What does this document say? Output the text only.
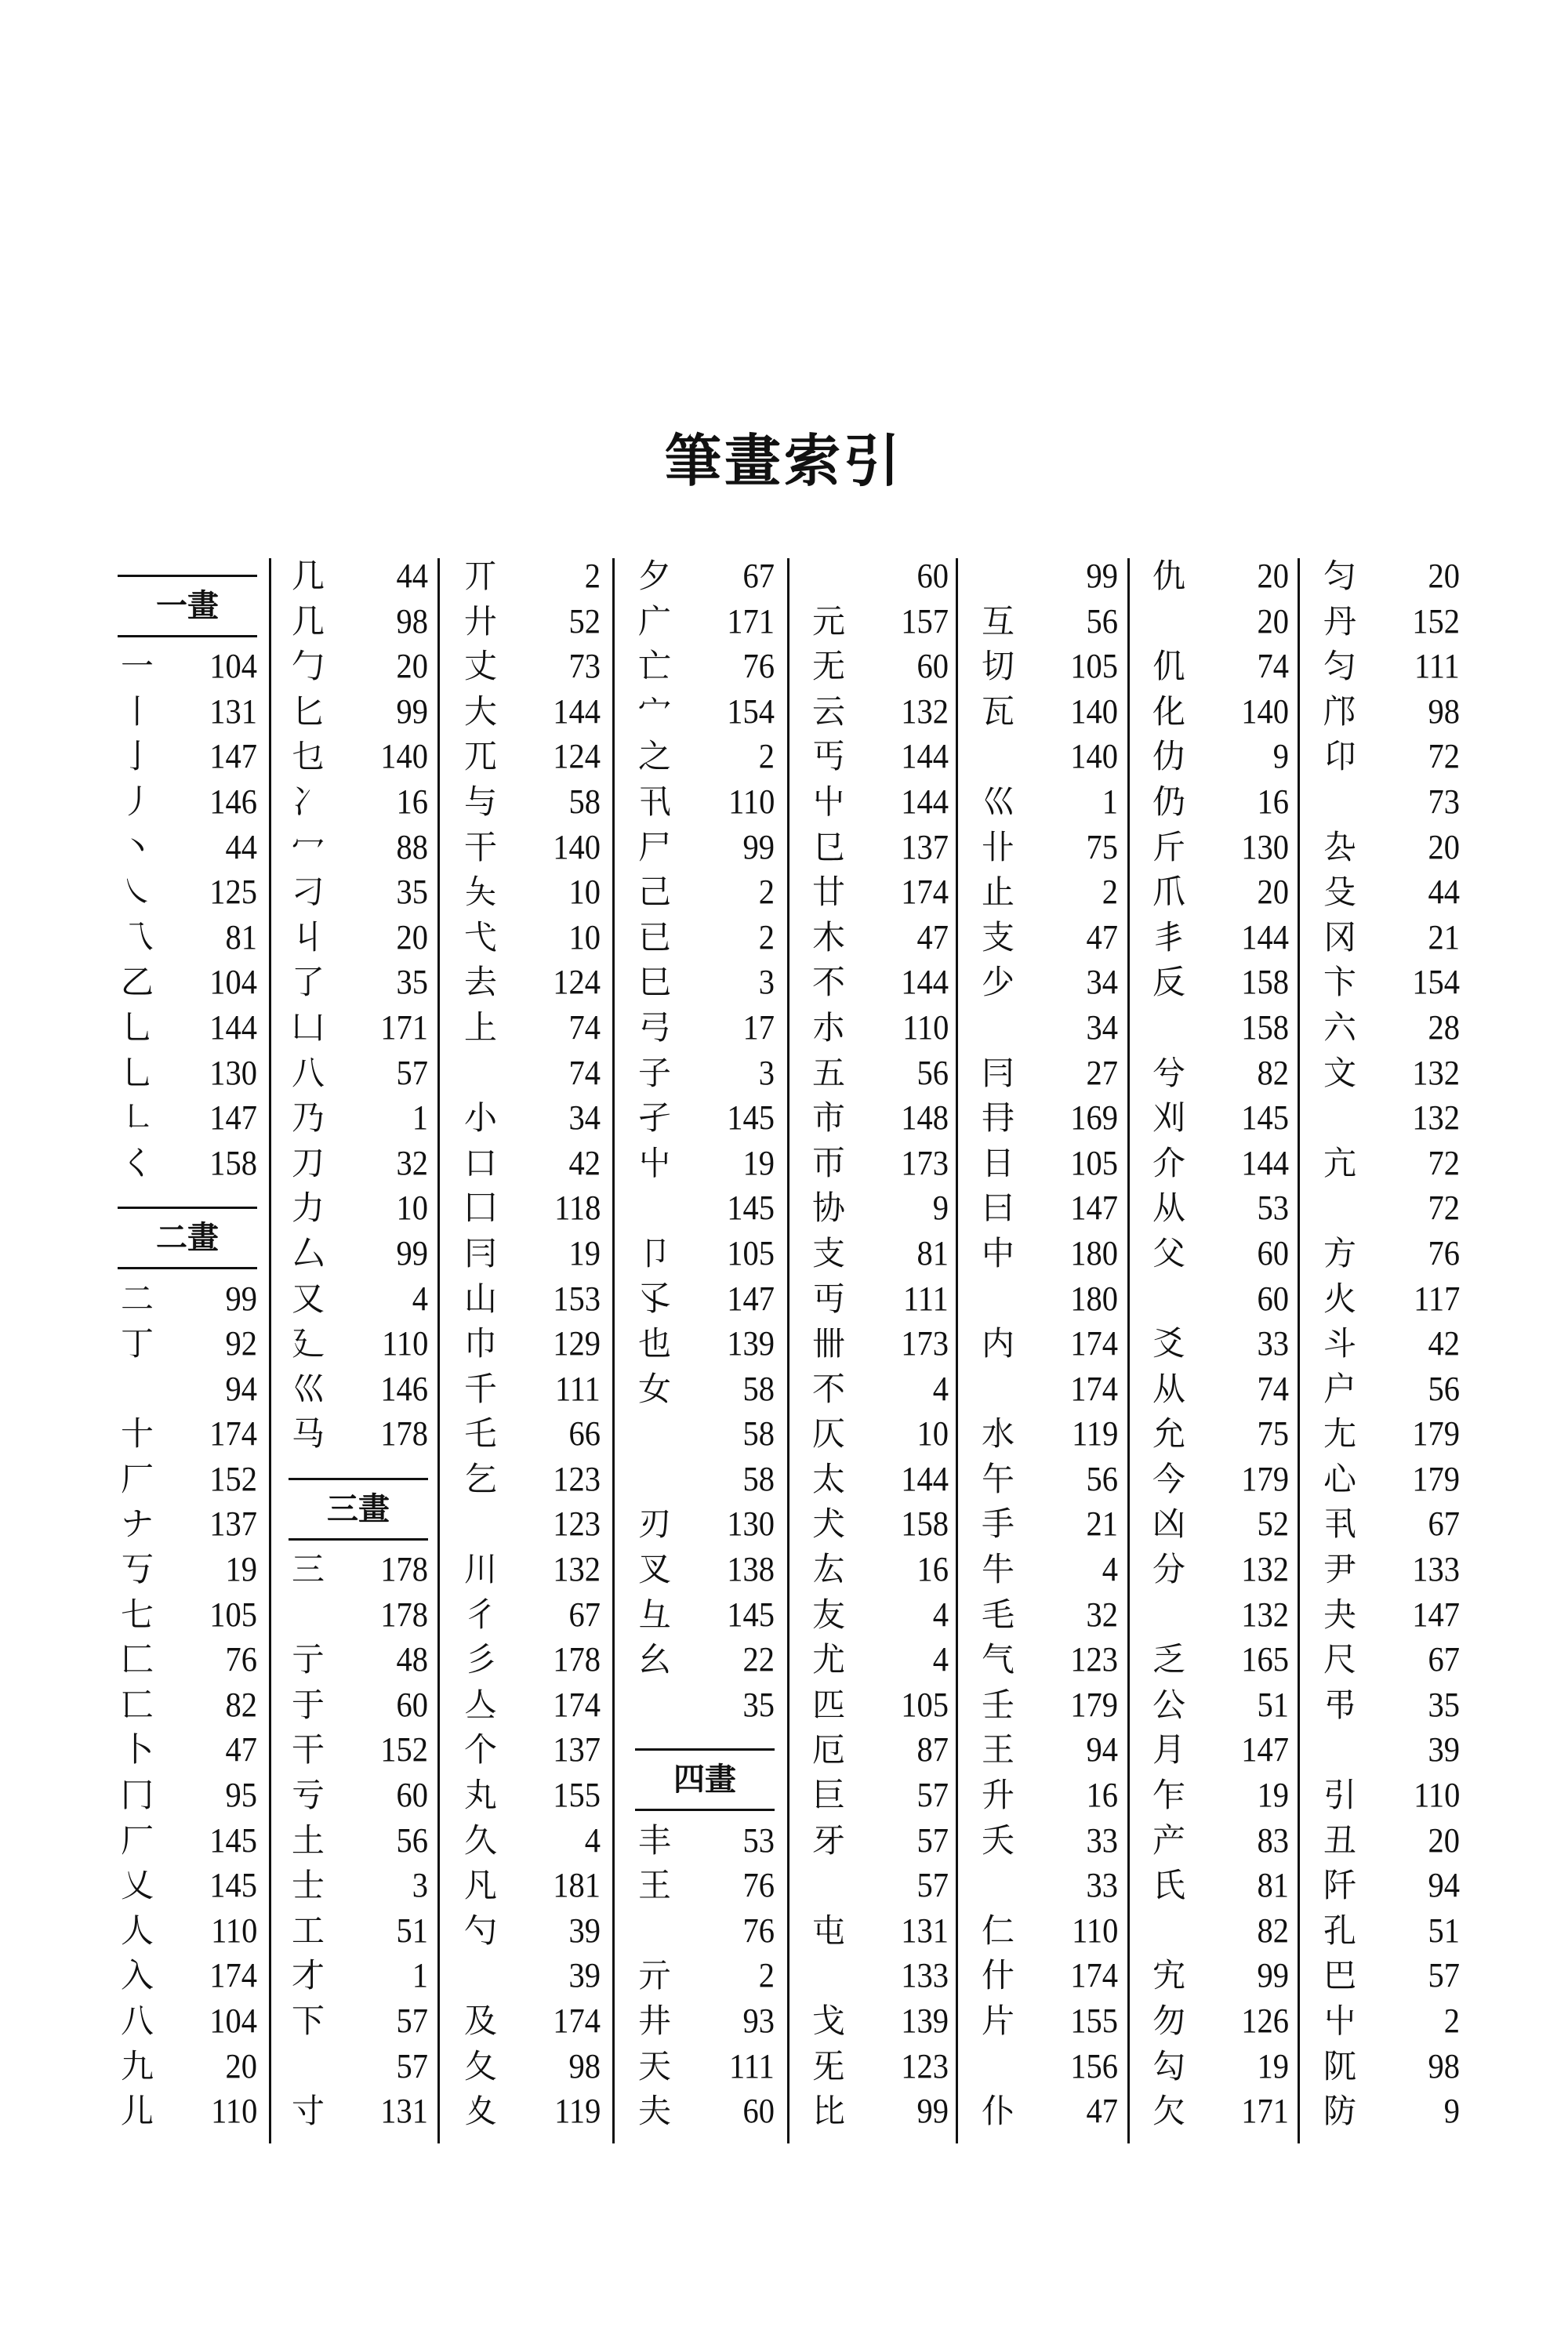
筆畫索引
一畫
一 104
丨 131
亅 147
丿 146
丶 44
㇏ 125
乁 81
乙 104
乚 144
乚 130
㇗ 147
く 158
二畫
二 99
丁 92
94
十 174
厂 152
ナ 137
丂 19
七 105
匚 76
匸 82
卜 47
冂 95
厂 145
乂 145
人 110
入 174
八 104
九 20
儿 110
几 44
几 98
勹 20
匕 99
乜 140
冫 16
冖 88
刁 35
丩 20
了 35
凵 171
八 57
乃	1
刀 32
力 10
厶 99
又	4
廴 110
巛 146
马 178
三畫
三 178
178
亍 48
于 60
干 152
亏 60
土 56
士	3
工 51
才	1
下 57
57
寸 131
丌	2
廾 52
丈 73
大 144
兀 124
与 58
干 140
夨 10
弋 10
去 124
上 74
74
小 34
口 42
囗 118
冃 19
山 153
巾 129
千 111
乇 66
乞 123
123
川 132
彳 67
彡 178
亼 174
个 137
丸 155
久	4
凡 181
勺 39
39
及 174
夂 98
夊 119
夕 67
广 171
亡 76
宀 154
之	2
卂 110
尸 99
己	2
已	2
巳	3
弓 17
子	3
孑 145
屮 19
145
卩 105
孓 147
也 139
女 58
58
58
刃 130
叉 138
彑 145
幺 22
35
四畫
丰 53
王 76
76
亓	2
井 93
天 111
夫 60
60
元 157
无 60
云 132
丐 144
屮 144
㔾 137
廿 174
木 47
不 144
朩 110
五 56
市 148
帀 173
协	9
支 81
丏 111
卌 173
不	4
仄 10
太 144
犬 158
厷 16
友	4
尤	4
匹 105
厄 87
巨 57
牙 57
57
屯 131
133
戈 139
旡 123
比 99
99
互 56
切 105
瓦 140
140
巛	1
卝 75
止	2
支 47
少 34
34
冃 27
冄 169
日 105
曰 147
中 180
180
内 174
174
水 119
午 56
手 21
牛	4
毛 32
气 123
壬 179
王 94
升 16
夭 33
33
仁 110
什 174
片 155
156
仆 47
仇 20
20
仉 74
化 140
仂	9
仍 16
斤 130
爪 20
丯 144
反 158
158
兮 82
刈 145
介 144
从 53
父 60
60
爻 33
从 74
允 75
今 179
凶 52
分 132
132
乏 165
公 51
月 147
乍 19
产 83
氏 81
82
宄 99
勿 126
勾 19
欠 171
匀 20
丹 152
匀 111
邝 98
卬 72
73
厹 20
殳 44
冈 21
卞 154
六 28
文 132
132
亢 72
72
方 76
火 117
斗 42
户 56
尢 179
心 179
丮 67
尹 133
夬 147
尺 67
弔 35
39
引 110
丑 20
阡 94
孔 51
巴 57
屮	2
阢 98
防	9
